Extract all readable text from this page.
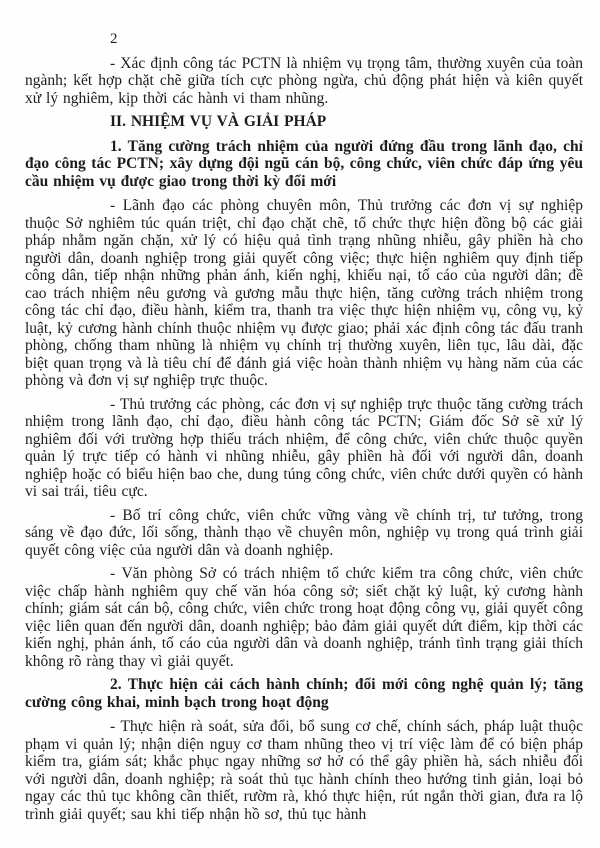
2

- Xác định công tác PCTN là nhiệm vụ trọng tâm, thường xuyên của toàn ngành; kết hợp chặt chẽ giữa tích cực phòng ngừa, chủ động phát hiện và kiên quyết xử lý nghiêm, kịp thời các hành vi tham nhũng.

II. NHIỆM VỤ VÀ GIẢI PHÁP

1. Tăng cường trách nhiệm của người đứng đầu trong lãnh đạo, chỉ đạo công tác PCTN; xây dựng đội ngũ cán bộ, công chức, viên chức đáp ứng yêu cầu nhiệm vụ được giao trong thời kỳ đổi mới

- Lãnh đạo các phòng chuyên môn, Thủ trưởng các đơn vị sự nghiệp thuộc Sở nghiêm túc quán triệt, chỉ đạo chặt chẽ, tổ chức thực hiện đồng bộ các giải pháp nhằm ngăn chặn, xử lý có hiệu quả tình trạng nhũng nhiễu, gây phiền hà cho người dân, doanh nghiệp trong giải quyết công việc; thực hiện nghiêm quy định tiếp công dân, tiếp nhận những phản ánh, kiến nghị, khiếu nại, tố cáo của người dân; đề cao trách nhiệm nêu gương và gương mẫu thực hiện, tăng cường trách nhiệm trong công tác chỉ đạo, điều hành, kiểm tra, thanh tra việc thực hiện nhiệm vụ, công vụ, kỷ luật, kỷ cương hành chính thuộc nhiệm vụ được giao; phải xác định công tác đấu tranh phòng, chống tham nhũng là nhiệm vụ chính trị thường xuyên, liên tục, lâu dài, đặc biệt quan trọng và là tiêu chí để đánh giá việc hoàn thành nhiệm vụ hàng năm của các phòng và đơn vị sự nghiệp trực thuộc.

- Thủ trưởng các phòng, các đơn vị sự nghiệp trực thuộc tăng cường trách nhiệm trong lãnh đạo, chỉ đạo, điều hành công tác PCTN; Giám đốc Sở sẽ xử lý nghiêm đối với trường hợp thiếu trách nhiệm, để công chức, viên chức thuộc quyền quản lý trực tiếp có hành vi nhũng nhiễu, gây phiền hà đối với người dân, doanh nghiệp hoặc có biểu hiện bao che, dung túng công chức, viên chức dưới quyền có hành vi sai trái, tiêu cực.

- Bố trí công chức, viên chức vững vàng về chính trị, tư tưởng, trong sáng về đạo đức, lối sống, thành thạo về chuyên môn, nghiệp vụ trong quá trình giải quyết công việc của người dân và doanh nghiệp.

- Văn phòng Sở có trách nhiệm tổ chức kiểm tra công chức, viên chức việc chấp hành nghiêm quy chế văn hóa công sở; siết chặt kỷ luật, kỷ cương hành chính; giám sát cán bộ, công chức, viên chức trong hoạt động công vụ, giải quyết công việc liên quan đến người dân, doanh nghiệp; bảo đảm giải quyết dứt điểm, kịp thời các kiến nghị, phản ánh, tố cáo của người dân và doanh nghiệp, tránh tình trạng giải thích không rõ ràng thay vì giải quyết.

2. Thực hiện cải cách hành chính; đổi mới công nghệ quản lý; tăng cường công khai, minh bạch trong hoạt động

- Thực hiện rà soát, sửa đổi, bổ sung cơ chế, chính sách, pháp luật thuộc phạm vi quản lý; nhận diện nguy cơ tham nhũng theo vị trí việc làm để có biện pháp kiểm tra, giám sát; khắc phục ngay những sơ hở có thể gây phiền hà, sách nhiễu đối với người dân, doanh nghiệp; rà soát thủ tục hành chính theo hướng tinh giản, loại bỏ ngay các thủ tục không cần thiết, rườm rà, khó thực hiện, rút ngắn thời gian, đưa ra lộ trình giải quyết; sau khi tiếp nhận hồ sơ, thủ tục hành
